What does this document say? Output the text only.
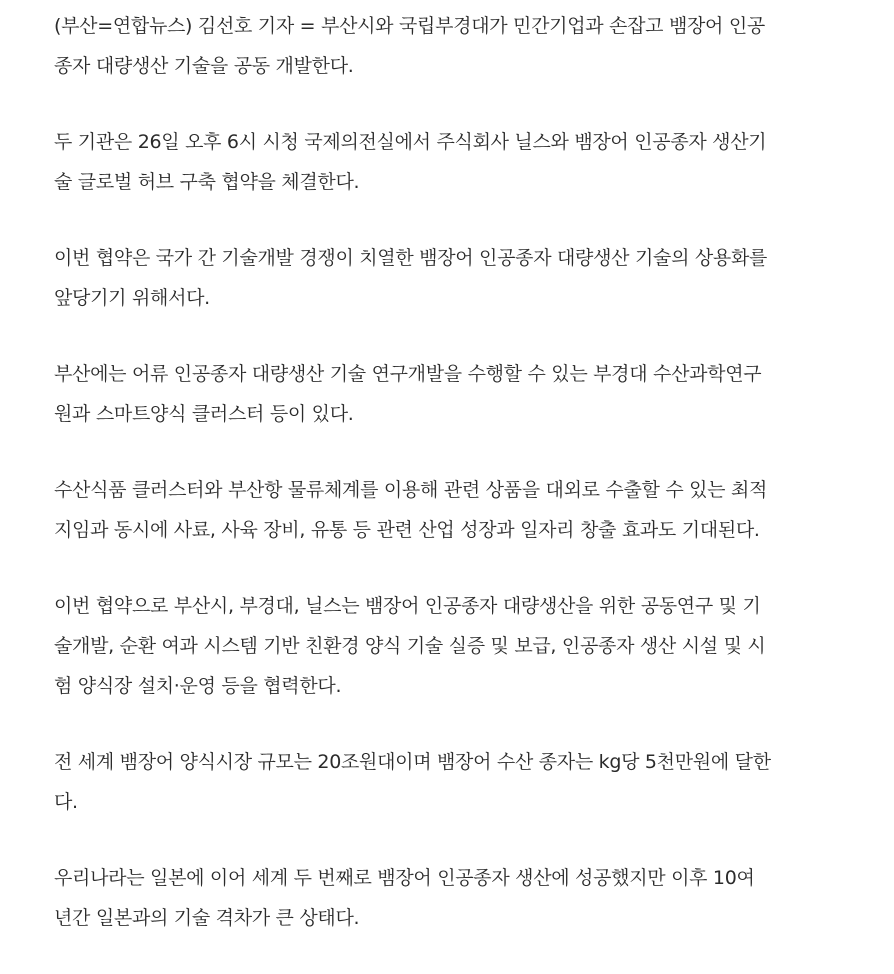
(부산=연합뉴스) 김선호 기자 = 부산시와 국립부경대가 민간기업과 손잡고 뱀장어 인공
종자 대량생산 기술을 공동 개발한다.

두 기관은 26일 오후 6시 시청 국제의전실에서 주식회사 닐스와 뱀장어 인공종자 생산기
술 글로벌 허브 구축 협약을 체결한다.

이번 협약은 국가 간 기술개발 경쟁이 치열한 뱀장어 인공종자 대량생산 기술의 상용화를
앞당기기 위해서다.

부산에는 어류 인공종자 대량생산 기술 연구개발을 수행할 수 있는 부경대 수산과학연구
원과 스마트양식 클러스터 등이 있다.

수산식품 클러스터와 부산항 물류체계를 이용해 관련 상품을 대외로 수출할 수 있는 최적
지임과 동시에 사료, 사육 장비, 유통 등 관련 산업 성장과 일자리 창출 효과도 기대된다.

이번 협약으로 부산시, 부경대, 닐스는 뱀장어 인공종자 대량생산을 위한 공동연구 및 기
술개발, 순환 여과 시스템 기반 친환경 양식 기술 실증 및 보급, 인공종자 생산 시설 및 시
험 양식장 설치·운영 등을 협력한다.

전 세계 뱀장어 양식시장 규모는 20조원대이며 뱀장어 수산 종자는 kg당 5천만원에 달한
다.

우리나라는 일본에 이어 세계 두 번째로 뱀장어 인공종자 생산에 성공했지만 이후 10여
년간 일본과의 기술 격차가 큰 상태다.
